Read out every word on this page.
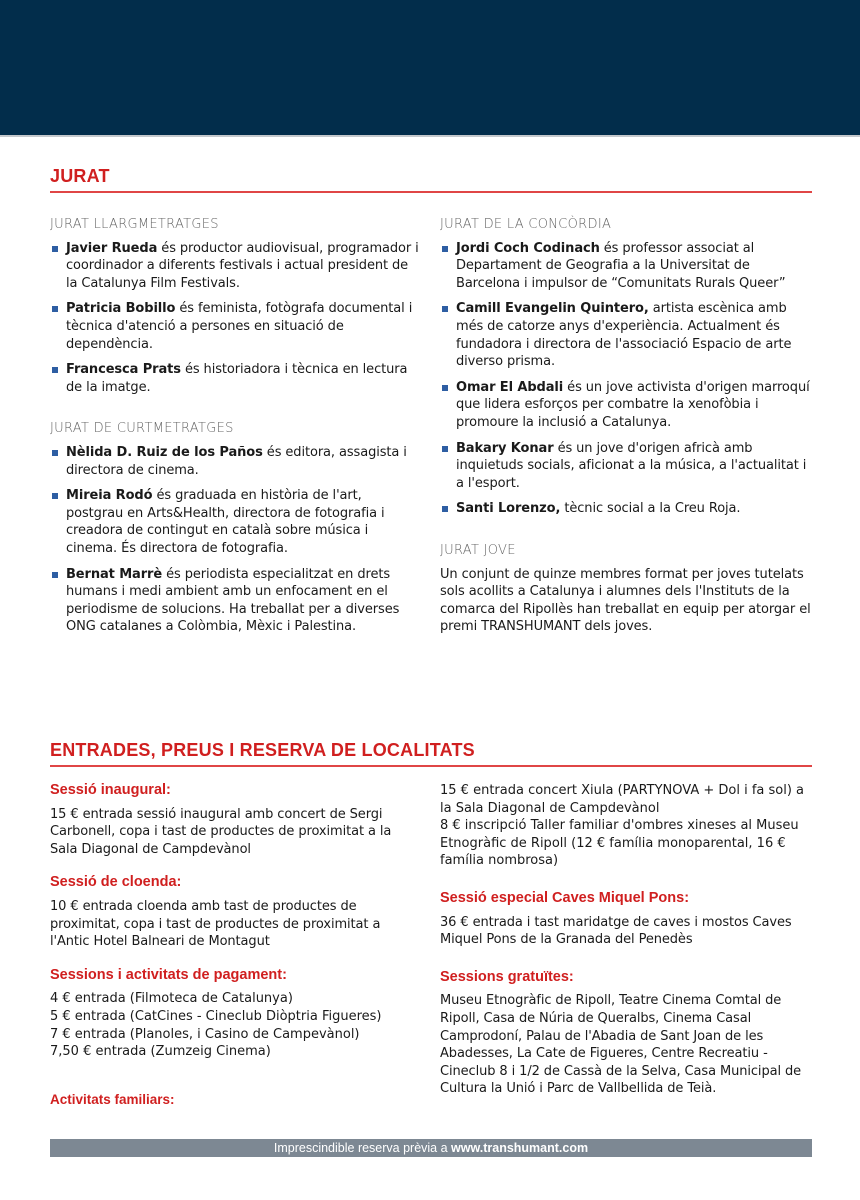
JURAT
JURAT LLARGMETRATGES
Javier Rueda és productor audiovisual, programador i coordinador a diferents festivals i actual president de la Catalunya Film Festivals.
Patricia Bobillo és feminista, fotògrafa documental i tècnica d'atenció a persones en situació de dependència.
Francesca Prats és historiadora i tècnica en lectura de la imatge.
JURAT DE CURTMETRATGES
Nèlida D. Ruiz de los Paños és editora, assagista i directora de cinema.
Mireia Rodó és graduada en història de l'art, postgrau en Arts&Health, directora de fotografia i creadora de contingut en català sobre música i cinema. És directora de fotografia.
Bernat Marrè és periodista especialitzat en drets humans i medi ambient amb un enfocament en el periodisme de solucions. Ha treballat per a diverses ONG catalanes a Colòmbia, Mèxic i Palestina.
JURAT DE LA CONCÒRDIA
Jordi Coch Codinach és professor associat al Departament de Geografia a la Universitat de Barcelona i impulsor de “Comunitats Rurals Queer”
Camill Evangelin Quintero, artista escènica amb més de catorze anys d'experiència. Actualment és fundadora i directora de l'associació Espacio de arte diverso prisma.
Omar El Abdali és un jove activista d'origen marroquí que lidera esforços per combatre la xenofòbia i promoure la inclusió a Catalunya.
Bakary Konar és un jove d'origen africà amb inquietuds socials, aficionat a la música, a l'actualitat i a l'esport.
Santi Lorenzo, tècnic social a la Creu Roja.
JURAT JOVE
Un conjunt de quinze membres format per joves tutelats sols acollits a Catalunya i alumnes dels l'Instituts de la comarca del Ripollès han treballat en equip per atorgar el premi TRANSHUMANT dels joves.
ENTRADES, PREUS I RESERVA DE LOCALITATS
Sessió inaugural:
15 € entrada sessió inaugural amb concert de Sergi Carbonell, copa i tast de productes de proximitat a la Sala Diagonal de Campdevànol
Sessió de cloenda:
10 € entrada cloenda amb tast de productes de proximitat, copa i tast de productes de proximitat a l'Antic Hotel Balneari de Montagut
Sessions i activitats de pagament:
4 € entrada (Filmoteca de Catalunya)
5 € entrada (CatCines - Cineclub Diòptria Figueres)
7 € entrada (Planoles, i Casino de Campevànol)
7,50 € entrada (Zumzeig Cinema)
Activitats familiars:
15 € entrada concert Xiula (PARTYNOVA + Dol i fa sol) a la Sala Diagonal de Campdevànol
8 € inscripció Taller familiar d'ombres xineses al Museu Etnogràfic de Ripoll (12 € família monoparental, 16 € família nombrosa)
Sessió especial Caves Miquel Pons:
36 € entrada i tast maridatge de caves i mostos Caves Miquel Pons de la Granada del Penedès
Sessions gratuïtes:
Museu Etnogràfic de Ripoll, Teatre Cinema Comtal de Ripoll, Casa de Núria de Queralbs, Cinema Casal Camprodoní, Palau de l'Abadia de Sant Joan de les Abadesses, La Cate de Figueres, Centre Recreatiu - Cineclub 8 i 1/2 de Cassà de la Selva, Casa Municipal de Cultura la Unió i Parc de Vallbellida de Teià.
Imprescindible reserva prèvia a www.transhumant.com
